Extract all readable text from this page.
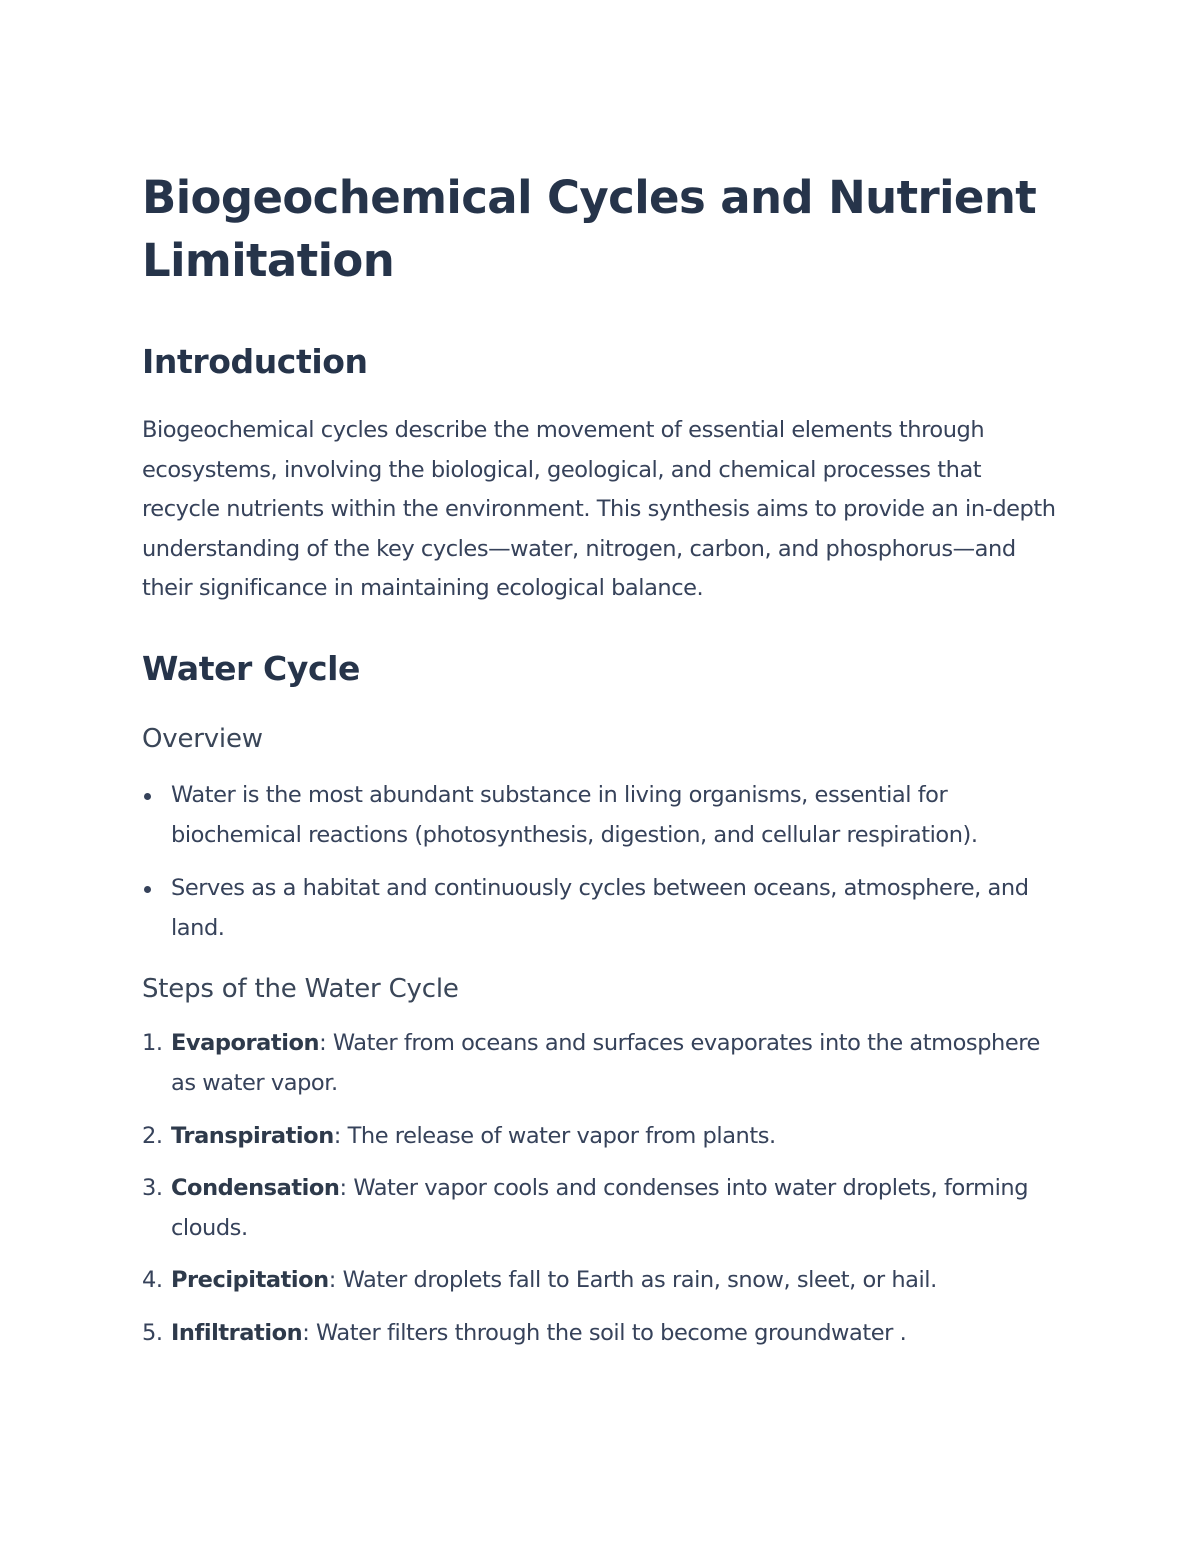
Biogeochemical Cycles and Nutrient Limitation
Introduction

Biogeochemical cycles describe the movement of essential elements through ecosystems, involving the biological, geological, and chemical processes that recycle nutrients within the environment. This synthesis aims to provide an in-depth understanding of the key cycles—water, nitrogen, carbon, and phosphorus—and their significance in maintaining ecological balance.

Water Cycle
Overview
Water is the most abundant substance in living organisms, essential for biochemical reactions (photosynthesis, digestion, and cellular respiration).
Serves as a habitat and continuously cycles between oceans, atmosphere, and land.
Steps of the Water Cycle
1. Evaporation: Water from oceans and surfaces evaporates into the atmosphere as water vapor.
2. Transpiration: The release of water vapor from plants.
3. Condensation: Water vapor cools and condenses into water droplets, forming clouds.
4. Precipitation: Water droplets fall to Earth as rain, snow, sleet, or hail.
5. Infiltration: Water filters through the soil to become groundwater .
